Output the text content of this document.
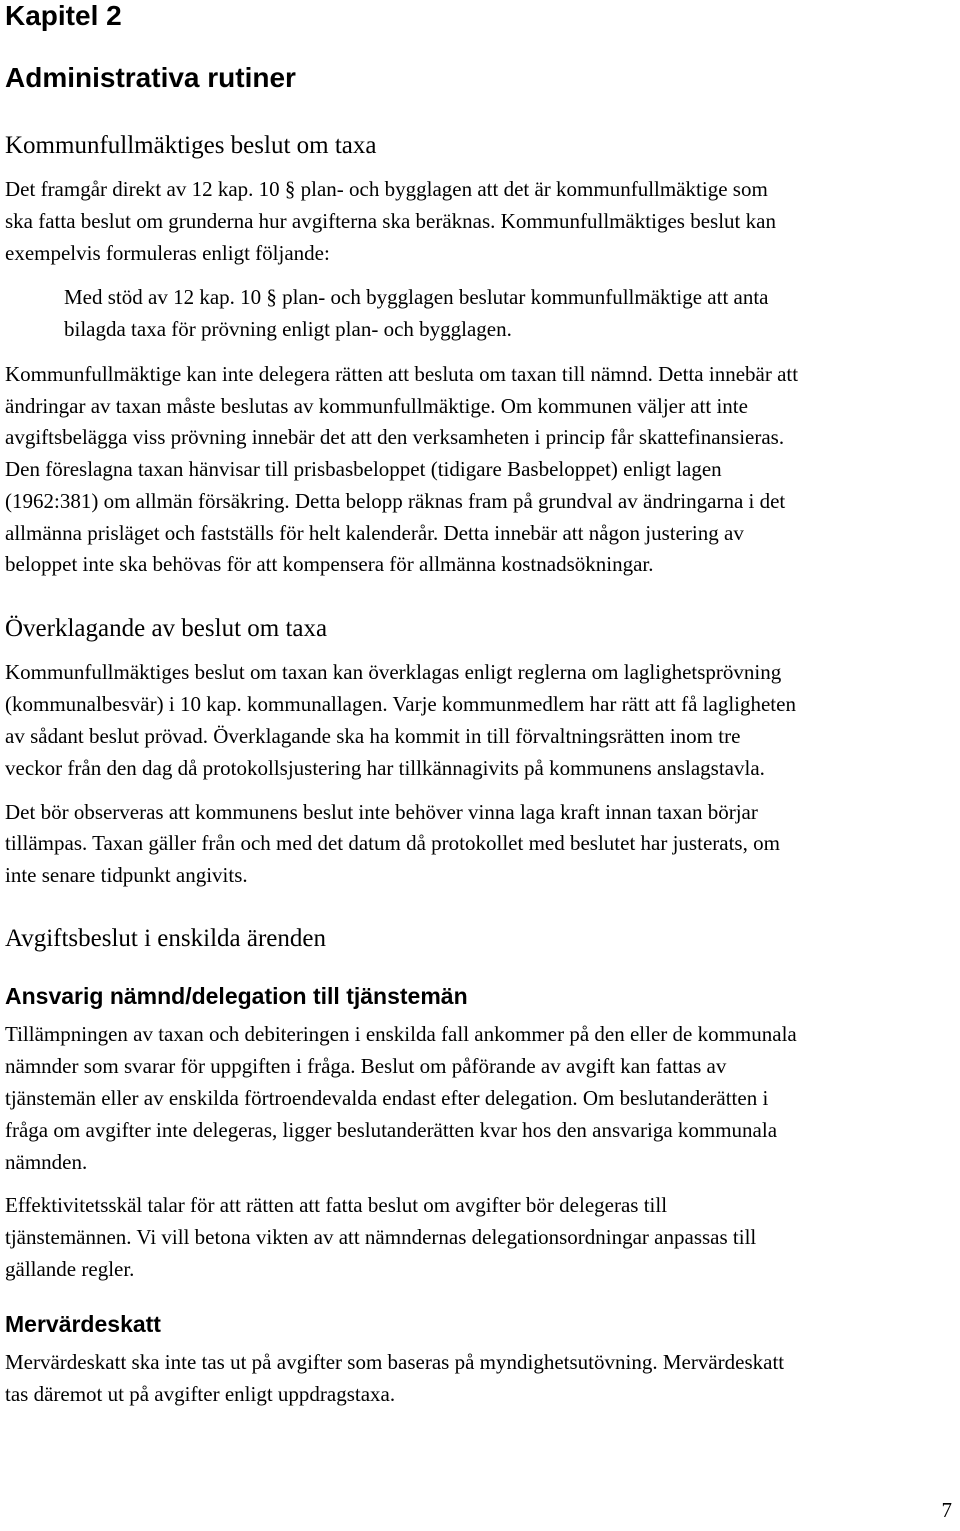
Kapitel 2
Administrativa rutiner
Kommunfullmäktiges beslut om taxa
Det framgår direkt av 12 kap. 10 § plan- och bygglagen att det är kommunfullmäktige som
ska fatta beslut om grunderna hur avgifterna ska beräknas. Kommunfullmäktiges beslut kan
exempelvis formuleras enligt följande:
Med stöd av 12 kap. 10 § plan- och bygglagen beslutar kommunfullmäktige att anta
bilagda taxa för prövning enligt plan- och bygglagen.
Kommunfullmäktige kan inte delegera rätten att besluta om taxan till nämnd. Detta innebär att
ändringar av taxan måste beslutas av kommunfullmäktige. Om kommunen väljer att inte
avgiftsbelägga viss prövning innebär det att den verksamheten i princip får skattefinansieras.
Den föreslagna taxan hänvisar till prisbasbeloppet (tidigare Basbeloppet) enligt lagen
(1962:381) om allmän försäkring. Detta belopp räknas fram på grundval av ändringarna i det
allmänna prisläget och fastställs för helt kalenderår. Detta innebär att någon justering av
beloppet inte ska behövas för att kompensera för allmänna kostnadsökningar.
Överklagande av beslut om taxa
Kommunfullmäktiges beslut om taxan kan överklagas enligt reglerna om laglighetsprövning
(kommunalbesvär) i 10 kap. kommunallagen. Varje kommunmedlem har rätt att få lagligheten
av sådant beslut prövad. Överklagande ska ha kommit in till förvaltningsrätten inom tre
veckor från den dag då protokollsjustering har tillkännagivits på kommunens anslagstavla.
Det bör observeras att kommunens beslut inte behöver vinna laga kraft innan taxan börjar
tillämpas. Taxan gäller från och med det datum då protokollet med beslutet har justerats, om
inte senare tidpunkt angivits.
Avgiftsbeslut i enskilda ärenden
Ansvarig nämnd/delegation till tjänstemän
Tillämpningen av taxan och debiteringen i enskilda fall ankommer på den eller de kommunala
nämnder som svarar för uppgiften i fråga. Beslut om påförande av avgift kan fattas av
tjänstemän eller av enskilda förtroendevalda endast efter delegation. Om beslutanderätten i
fråga om avgifter inte delegeras, ligger beslutanderätten kvar hos den ansvariga kommunala
nämnden.
Effektivitetsskäl talar för att rätten att fatta beslut om avgifter bör delegeras till
tjänstemännen. Vi vill betona vikten av att nämndernas delegationsordningar anpassas till
gällande regler.
Mervärdeskatt
Mervärdeskatt ska inte tas ut på avgifter som baseras på myndighetsutövning. Mervärdeskatt
tas däremot ut på avgifter enligt uppdragstaxa.
7
